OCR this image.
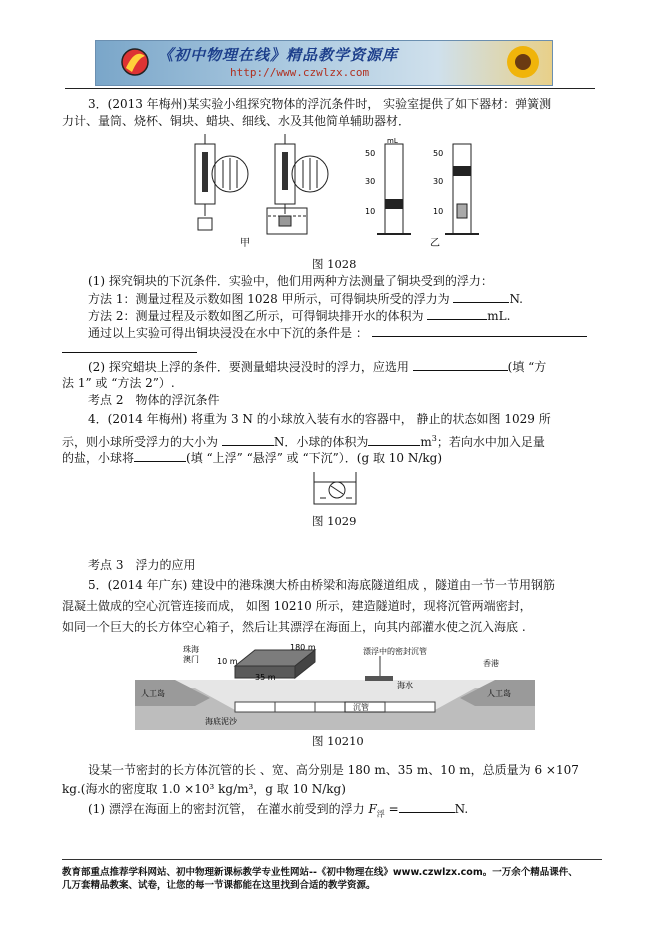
《初中物理在线》精品教学资源库
http://www.czwlzx.com
3．(2013 年梅州)某实验小组探究物体的浮沉条件时， 实验室提供了如下器材：弹簧测
力计、量筒、烧杯、铜块、蜡块、细线、水及其他简单辅助器材．
甲
50
30
10
mL
50
30
10
乙
图 1028
(1) 探究铜块的下沉条件．实验中，他们用两种方法测量了铜块受到的浮力：
方法 1：测量过程及示数如图 1028 甲所示，可得铜块所受的浮力为	N.
方法 2：测量过程及示数如图乙所示，可得铜块排开水的体积为	mL.
通过以上实验可得出铜块浸没在水中下沉的条件是 ：
(2) 探究蜡块上浮的条件．要测量蜡块浸没时的浮力，应选用	(填 “方
法 1” 或 “方法 2”）.
考点 2　物体的浮沉条件
4．(2014 年梅州) 将重为 3 N 的小球放入装有水的容器中， 静止的状态如图 1029 所
示，则小球所受浮力的大小为	N．小球的体积为	$m^3$；若向水中加入足量
的盐，小球将	(填 “上浮” “悬浮” 或 “下沉”）．(g 取 10 N/kg)
图 1029
考点 3　浮力的应用
5．(2014 年广东) 建设中的港珠澳大桥由桥梁和海底隧道组成 ，隧道由一节一节用钢筋
混凝土做成的空心沉管连接而成， 如图 10210 所示，建造隧道时，现将沉管两端密封，
如同一个巨大的长方体空心箱子，然后让其漂浮在海面上，向其内部灌水使之沉入海底 .
珠海
澳门	香港
10 m
180 m
35 m
漂浮中的密封沉管
海水
沉管
人工岛	人工岛
海底泥沙
图 10210
设某一节密封的长方体沉管的长 、宽、高分别是 180 m、35 m、10 m，总质量为 6 ×107
kg.(海水的密度取 1.0 ×10³ kg/m³，g 取 10 N/kg)
(1) 漂浮在海面上的密封沉管， 在灌水前受到的浮力 $F_浮$ =	N.
教育部重点推荐学科网站、初中物理新课标教学专业性网站--《初中物理在线》www.czwlzx.com。一万余个精品课件、
几万套精品教案、试卷，让您的每一节课都能在这里找到合适的教学资源。
